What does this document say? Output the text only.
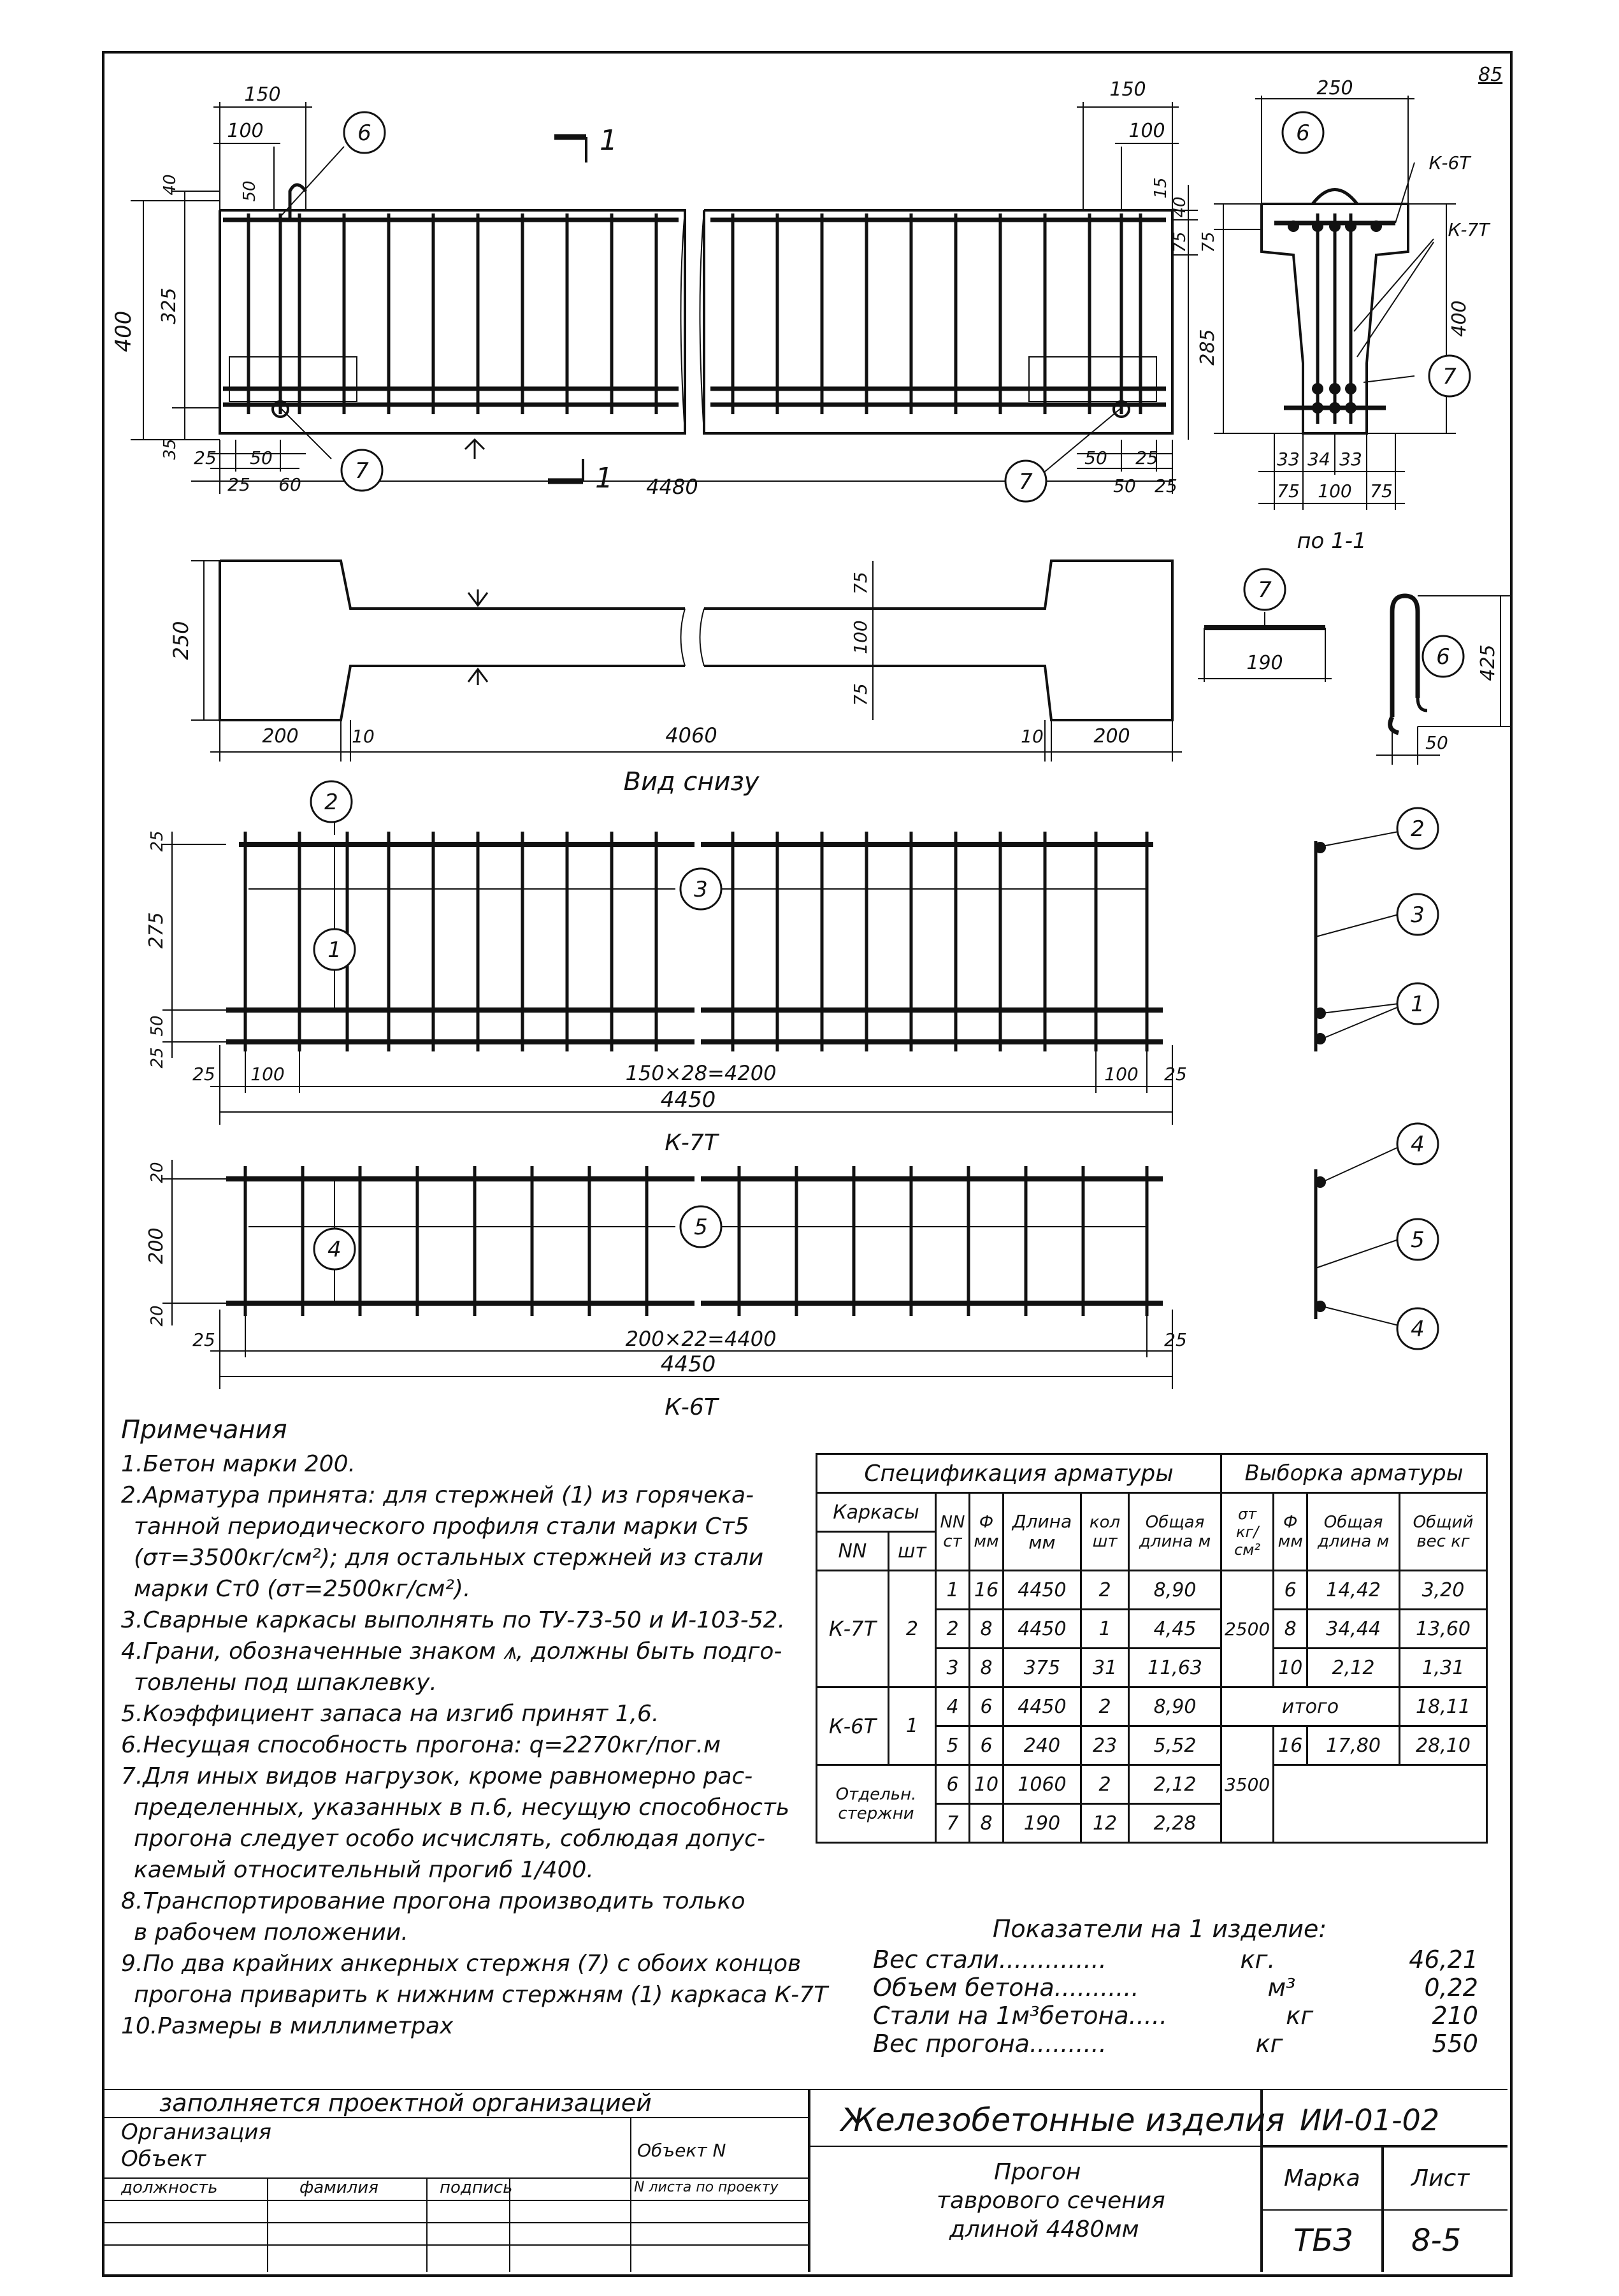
85
6
7	7
150
100
150
100
400
325
40	50
35
15
40
75
25 50
25 60
50 25
50 25
4480
1
1
6
7
250
К-6Т
К-7Т
75
285
400
33 34 33
75 100 75
по 1-1
250
75
100
75
200	10	4060	10	200
Вид снизу
7
190	6 425
50
2
1
3
2
3
1
25
275
50
25
25 100	150×28=4200	100 25
4450
К-7Т
4
5
4
5
4
20
200
20
25	200×22=4400	25
4450
К-6Т
Примечания
1.Бетон марки 200.
2.Арматура принята: для стержней (1) из горячека-
танной периодического профиля стали марки Ст5
(σт=3500кг/см²); для остальных стержней из стали
марки Ст0 (σт=2500кг/см²).
3.Сварные каркасы выполнять по ТУ-73-50 и И-103-52.
4.Грани, обозначенные знаком ⩚, должны быть подго-
товлены под шпаклевку.
5.Коэффициент запаса на изгиб принят 1,6.
6.Несущая способность прогона: q=2270кг/пог.м
7.Для иных видов нагрузок, кроме равномерно рас-
пределенных, указанных в п.6, несущую способность
прогона следует особо исчислять, соблюдая допус-
каемый относительный прогиб 1/400.
8.Транспортирование прогона производить только
в рабочем положении.
9.По два крайних анкерных стержня (7) с обоих концов
прогона приварить к нижним стержням (1) каркаса К-7Т
10.Размеры в миллиметрах
Спецификация арматуры							Выборка арматуры			
Каркасы		NN ст	Ф мм	Длина мм	кол шт	Общая длина м	σт кг/см²	Ф мм	Общая длина м	Общий вес кг
NN	шт									
К-7Т	2	1	16	4450	2	8,90	2500	6	14,42	3,20
		2	8	4450	1	4,45		8	34,44	13,60
		3	8	375	31	11,63		10	2,12	1,31
К-6Т	1	4	6	4450	2	8,90	итого			18,11
		5	6	240	23	5,52	3500	16	17,80	28,10
Отдельн. стержни		6	10	1060	2	2,12				
		7	8	190	12	2,28				
Показатели на 1 изделие:
Вес стали..............	кг.	46,21
Объем бетона...........	м³	0,22
Стали на 1м³бетона.....	кг	210
Вес прогона..........	кг	550
заполняется проектной организацией
Организация
Объект	Объект N
должность	фамилия	подпись	N листа по проекту
Железобетонные изделия ИИ-01-02
Прогон
таврового сечения
длиной 4480мм
Марка Лист
ТБЗ 8-5
